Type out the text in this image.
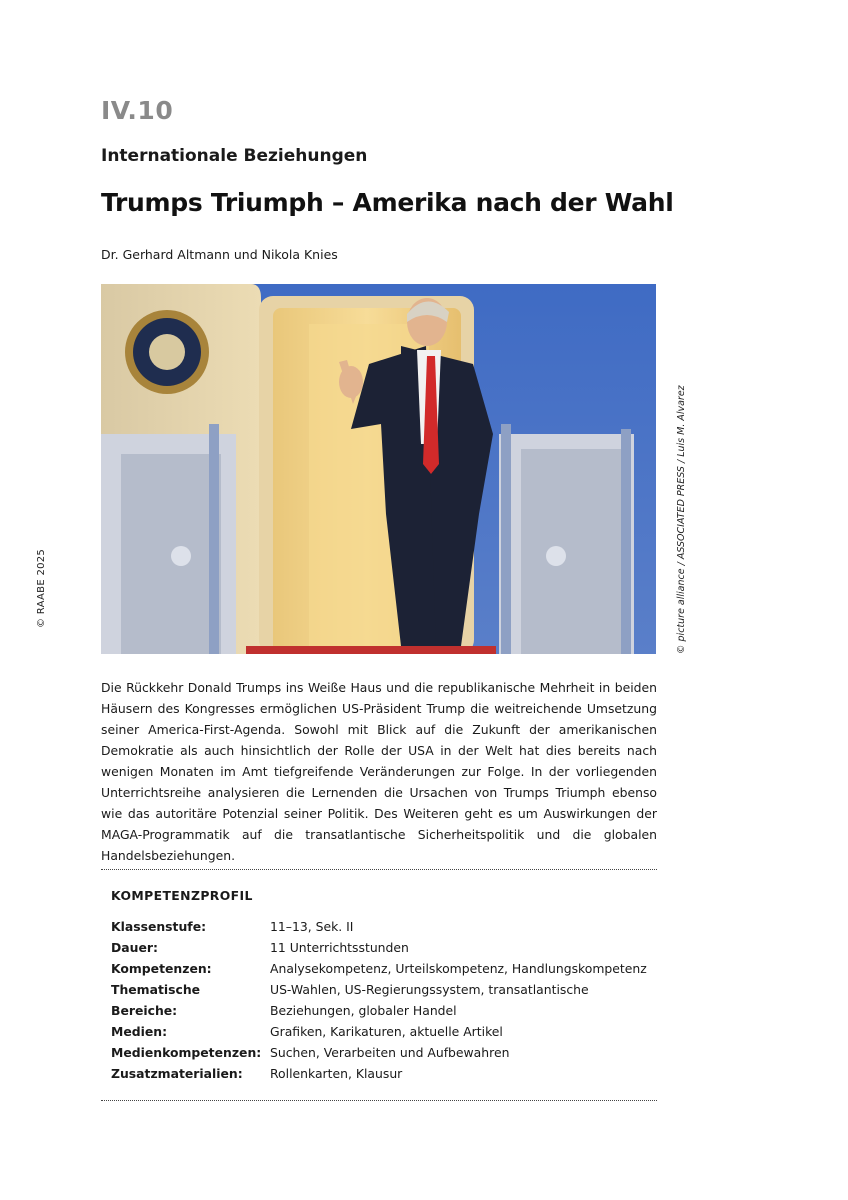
© RAABE 2025
IV.10
Internationale Beziehungen
Trumps Triumph – Amerika nach der Wahl
Dr. Gerhard Altmann und Nikola Knies
© picture alliance / ASSOCIATED PRESS / Luis M. Alvarez
Die Rückkehr Donald Trumps ins Weiße Haus und die republikanische Mehrheit in beiden Häusern des Kongresses ermöglichen US-Präsident Trump die weitreichende Umsetzung seiner America-First-Agenda. Sowohl mit Blick auf die Zukunft der amerikanischen Demokratie als auch hinsichtlich der Rolle der USA in der Welt hat dies bereits nach wenigen Monaten im Amt tiefgreifende Veränderungen zur Folge. In der vorliegenden Unterrichtsreihe analysieren die Lernenden die Ursachen von Trumps Triumph ebenso wie das autoritäre Potenzial seiner Politik. Des Weiteren geht es um Auswirkungen der MAGA-Programmatik auf die transatlantische Sicherheitspolitik und die globalen Handelsbeziehungen.
KOMPETENZPROFIL
Klassenstufe:	11–13, Sek. II
Dauer:	11 Unterrichtsstunden
Kompetenzen:	Analysekompetenz, Urteilskompetenz, Handlungskompetenz
Thematische Bereiche:
US-Wahlen, US-Regierungssystem, transatlantische Beziehungen, globaler Handel
Medien:	Grafiken, Karikaturen, aktuelle Artikel
Medienkompetenzen: Suchen, Verarbeiten und Aufbewahren
Zusatzmaterialien:	Rollenkarten, Klausur
